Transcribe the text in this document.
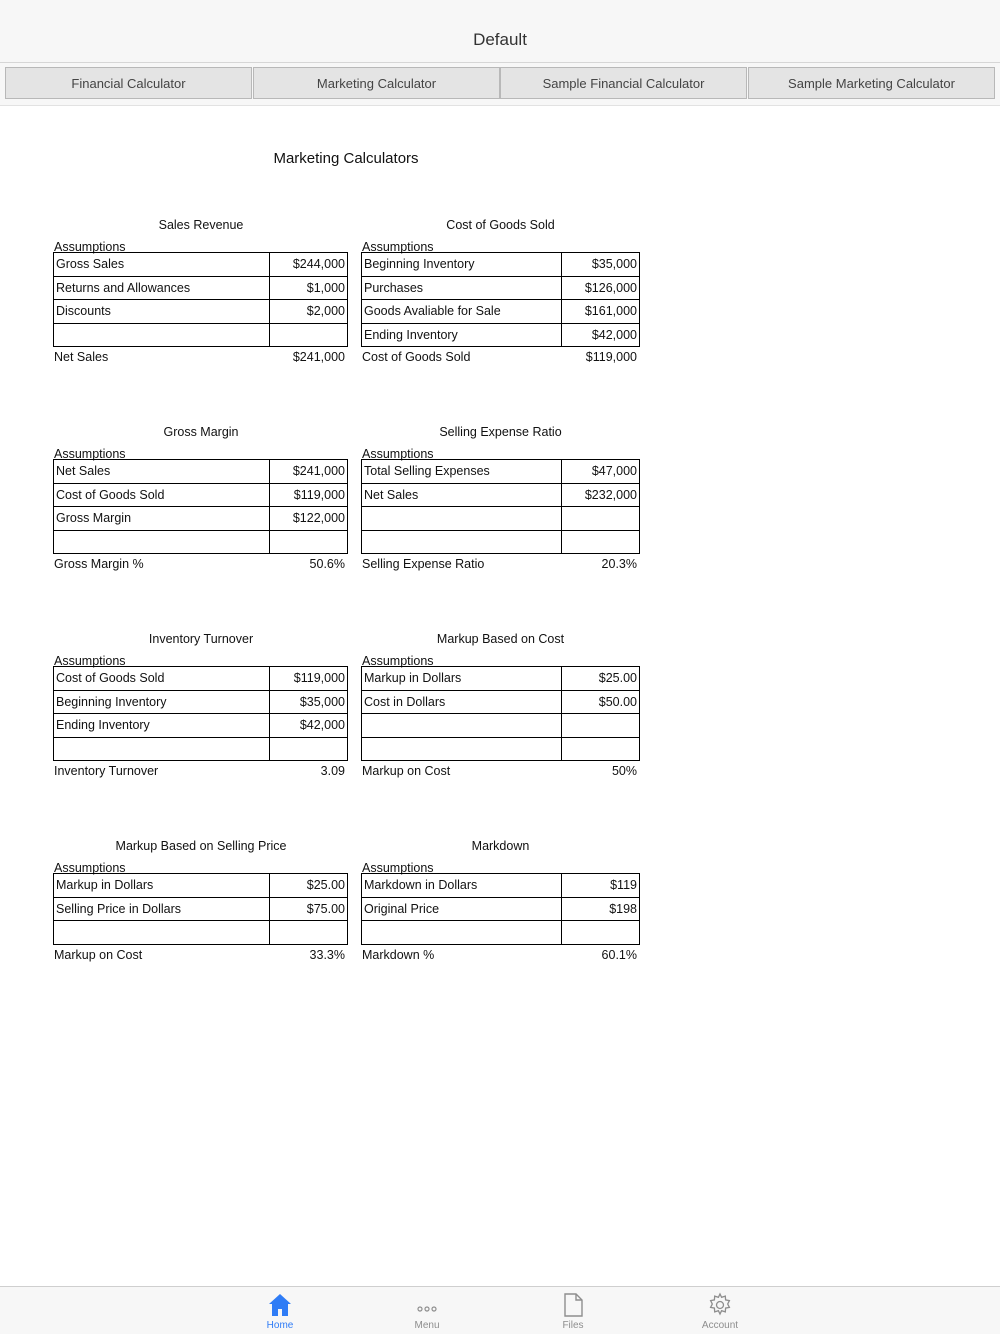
Default
Financial Calculator	Marketing Calculator	Sample Financial Calculator	Sample Marketing Calculator
Marketing Calculators
Sales Revenue
Assumptions
Gross Sales	$244,000
Returns and Allowances	$1,000
Discounts	$2,000

Net Sales	$241,000
Cost of Goods Sold
Assumptions
Beginning Inventory	$35,000
Purchases	$126,000
Goods Avaliable for Sale	$161,000
Ending Inventory	$42,000
Cost of Goods Sold	$119,000
Gross Margin
Assumptions
Net Sales	$241,000
Cost of Goods Sold	$119,000
Gross Margin	$122,000

Gross Margin %	50.6%
Selling Expense Ratio
Assumptions
Total Selling Expenses	$47,000
Net Sales	$232,000

Selling Expense Ratio	20.3%
Inventory Turnover
Assumptions
Cost of Goods Sold	$119,000
Beginning Inventory	$35,000
Ending Inventory	$42,000

Inventory Turnover	3.09
Markup Based on Cost
Assumptions
Markup in Dollars	$25.00
Cost in Dollars	$50.00

Markup on Cost	50%
Markup Based on Selling Price
Assumptions
Markup in Dollars	$25.00
Selling Price in Dollars	$75.00

Markup on Cost	33.3%
Markdown
Assumptions
Markdown in Dollars	$119
Original Price	$198

Markdown %	60.1%
Home	Menu	Files	Account
